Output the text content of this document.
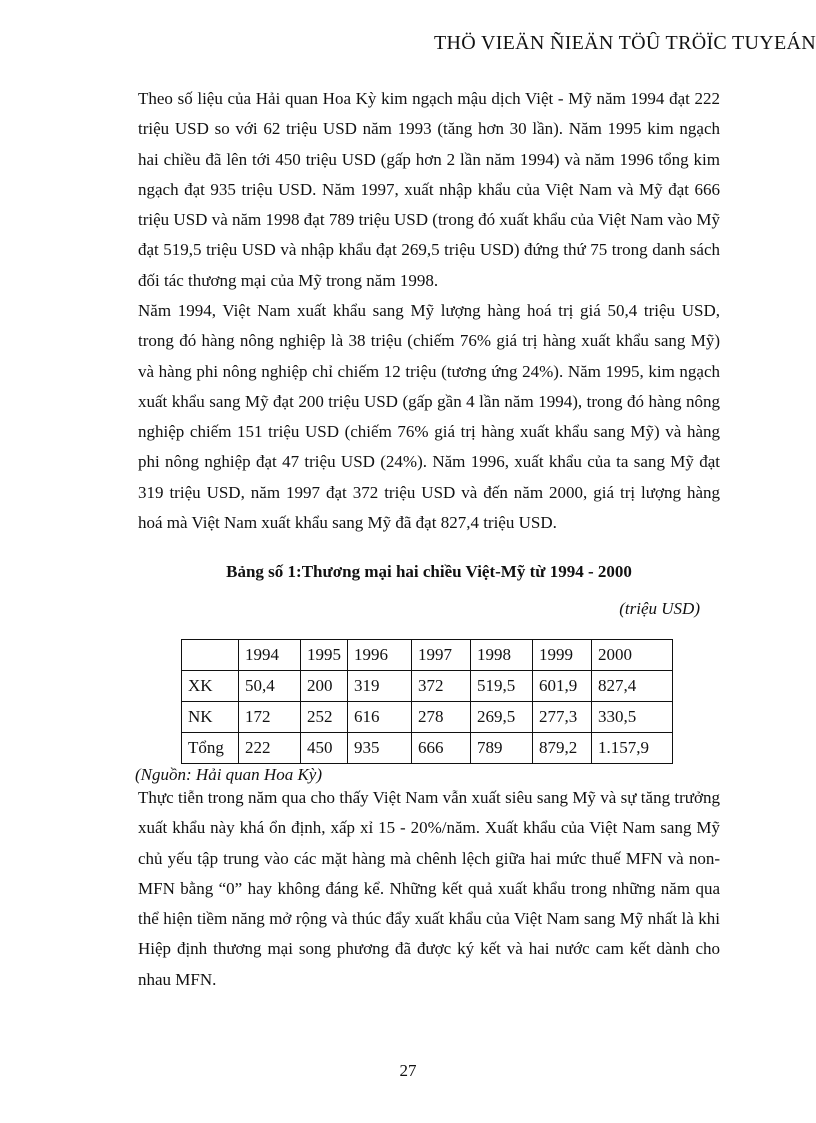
THÖ VIEÄN ÑIEÄN TÖÛ TRÖÏC TUYEÁN

Theo số liệu của Hải quan Hoa Kỳ kim ngạch mậu dịch Việt - Mỹ năm 1994 đạt 222 triệu USD so với 62 triệu USD năm 1993 (tăng hơn 30 lần). Năm 1995 kim ngạch hai chiều đã lên tới 450 triệu USD (gấp hơn 2 lần năm 1994) và năm 1996 tổng kim ngạch đạt 935 triệu USD. Năm 1997, xuất nhập khẩu của Việt Nam và Mỹ đạt 666 triệu USD và năm 1998 đạt 789 triệu USD (trong đó xuất khẩu của Việt Nam vào Mỹ đạt 519,5 triệu USD và nhập khẩu đạt 269,5 triệu USD) đứng thứ 75 trong danh sách đối tác thương mại của Mỹ trong năm 1998.

Năm 1994, Việt Nam xuất khẩu sang Mỹ lượng hàng hoá trị giá 50,4 triệu USD, trong đó hàng nông nghiệp là 38 triệu (chiếm 76% giá trị hàng xuất khẩu sang Mỹ) và hàng phi nông nghiệp chỉ chiếm 12 triệu (tương ứng 24%). Năm 1995, kim ngạch xuất khẩu sang Mỹ đạt 200 triệu USD (gấp gần 4 lần năm 1994), trong đó hàng nông nghiệp chiếm 151 triệu USD (chiếm 76% giá trị hàng xuất khẩu sang Mỹ) và hàng phi nông nghiệp đạt 47 triệu USD (24%). Năm 1996, xuất khẩu của ta sang Mỹ đạt 319 triệu USD, năm 1997 đạt 372 triệu USD và đến năm 2000, giá trị lượng hàng hoá mà Việt Nam xuất khẩu sang Mỹ đã đạt 827,4 triệu USD.

Bảng số 1:Thương mại hai chiều Việt-Mỹ từ 1994 - 2000
(triệu USD)
	1994	1995	1996	1997	1998	1999	2000
XK	50,4	200	319	372	519,5	601,9	827,4
NK	172	252	616	278	269,5	277,3	330,5
Tổng	222	450	935	666	789	879,2	1.157,9
(Nguồn: Hải quan Hoa Kỳ)

Thực tiễn trong năm qua cho thấy Việt Nam vẫn xuất siêu sang Mỹ và sự tăng trưởng xuất khẩu này khá ổn định, xấp xỉ 15 - 20%/năm. Xuất khẩu của Việt Nam sang Mỹ chủ yếu tập trung vào các mặt hàng mà chênh lệch giữa hai mức thuế MFN và non-MFN bằng “0” hay không đáng kể. Những kết quả xuất khẩu trong những năm qua thể hiện tiềm năng mở rộng và thúc đẩy xuất khẩu của Việt Nam sang Mỹ nhất là khi Hiệp định thương mại song phương đã được ký kết và hai nước cam kết dành cho nhau MFN.

27
